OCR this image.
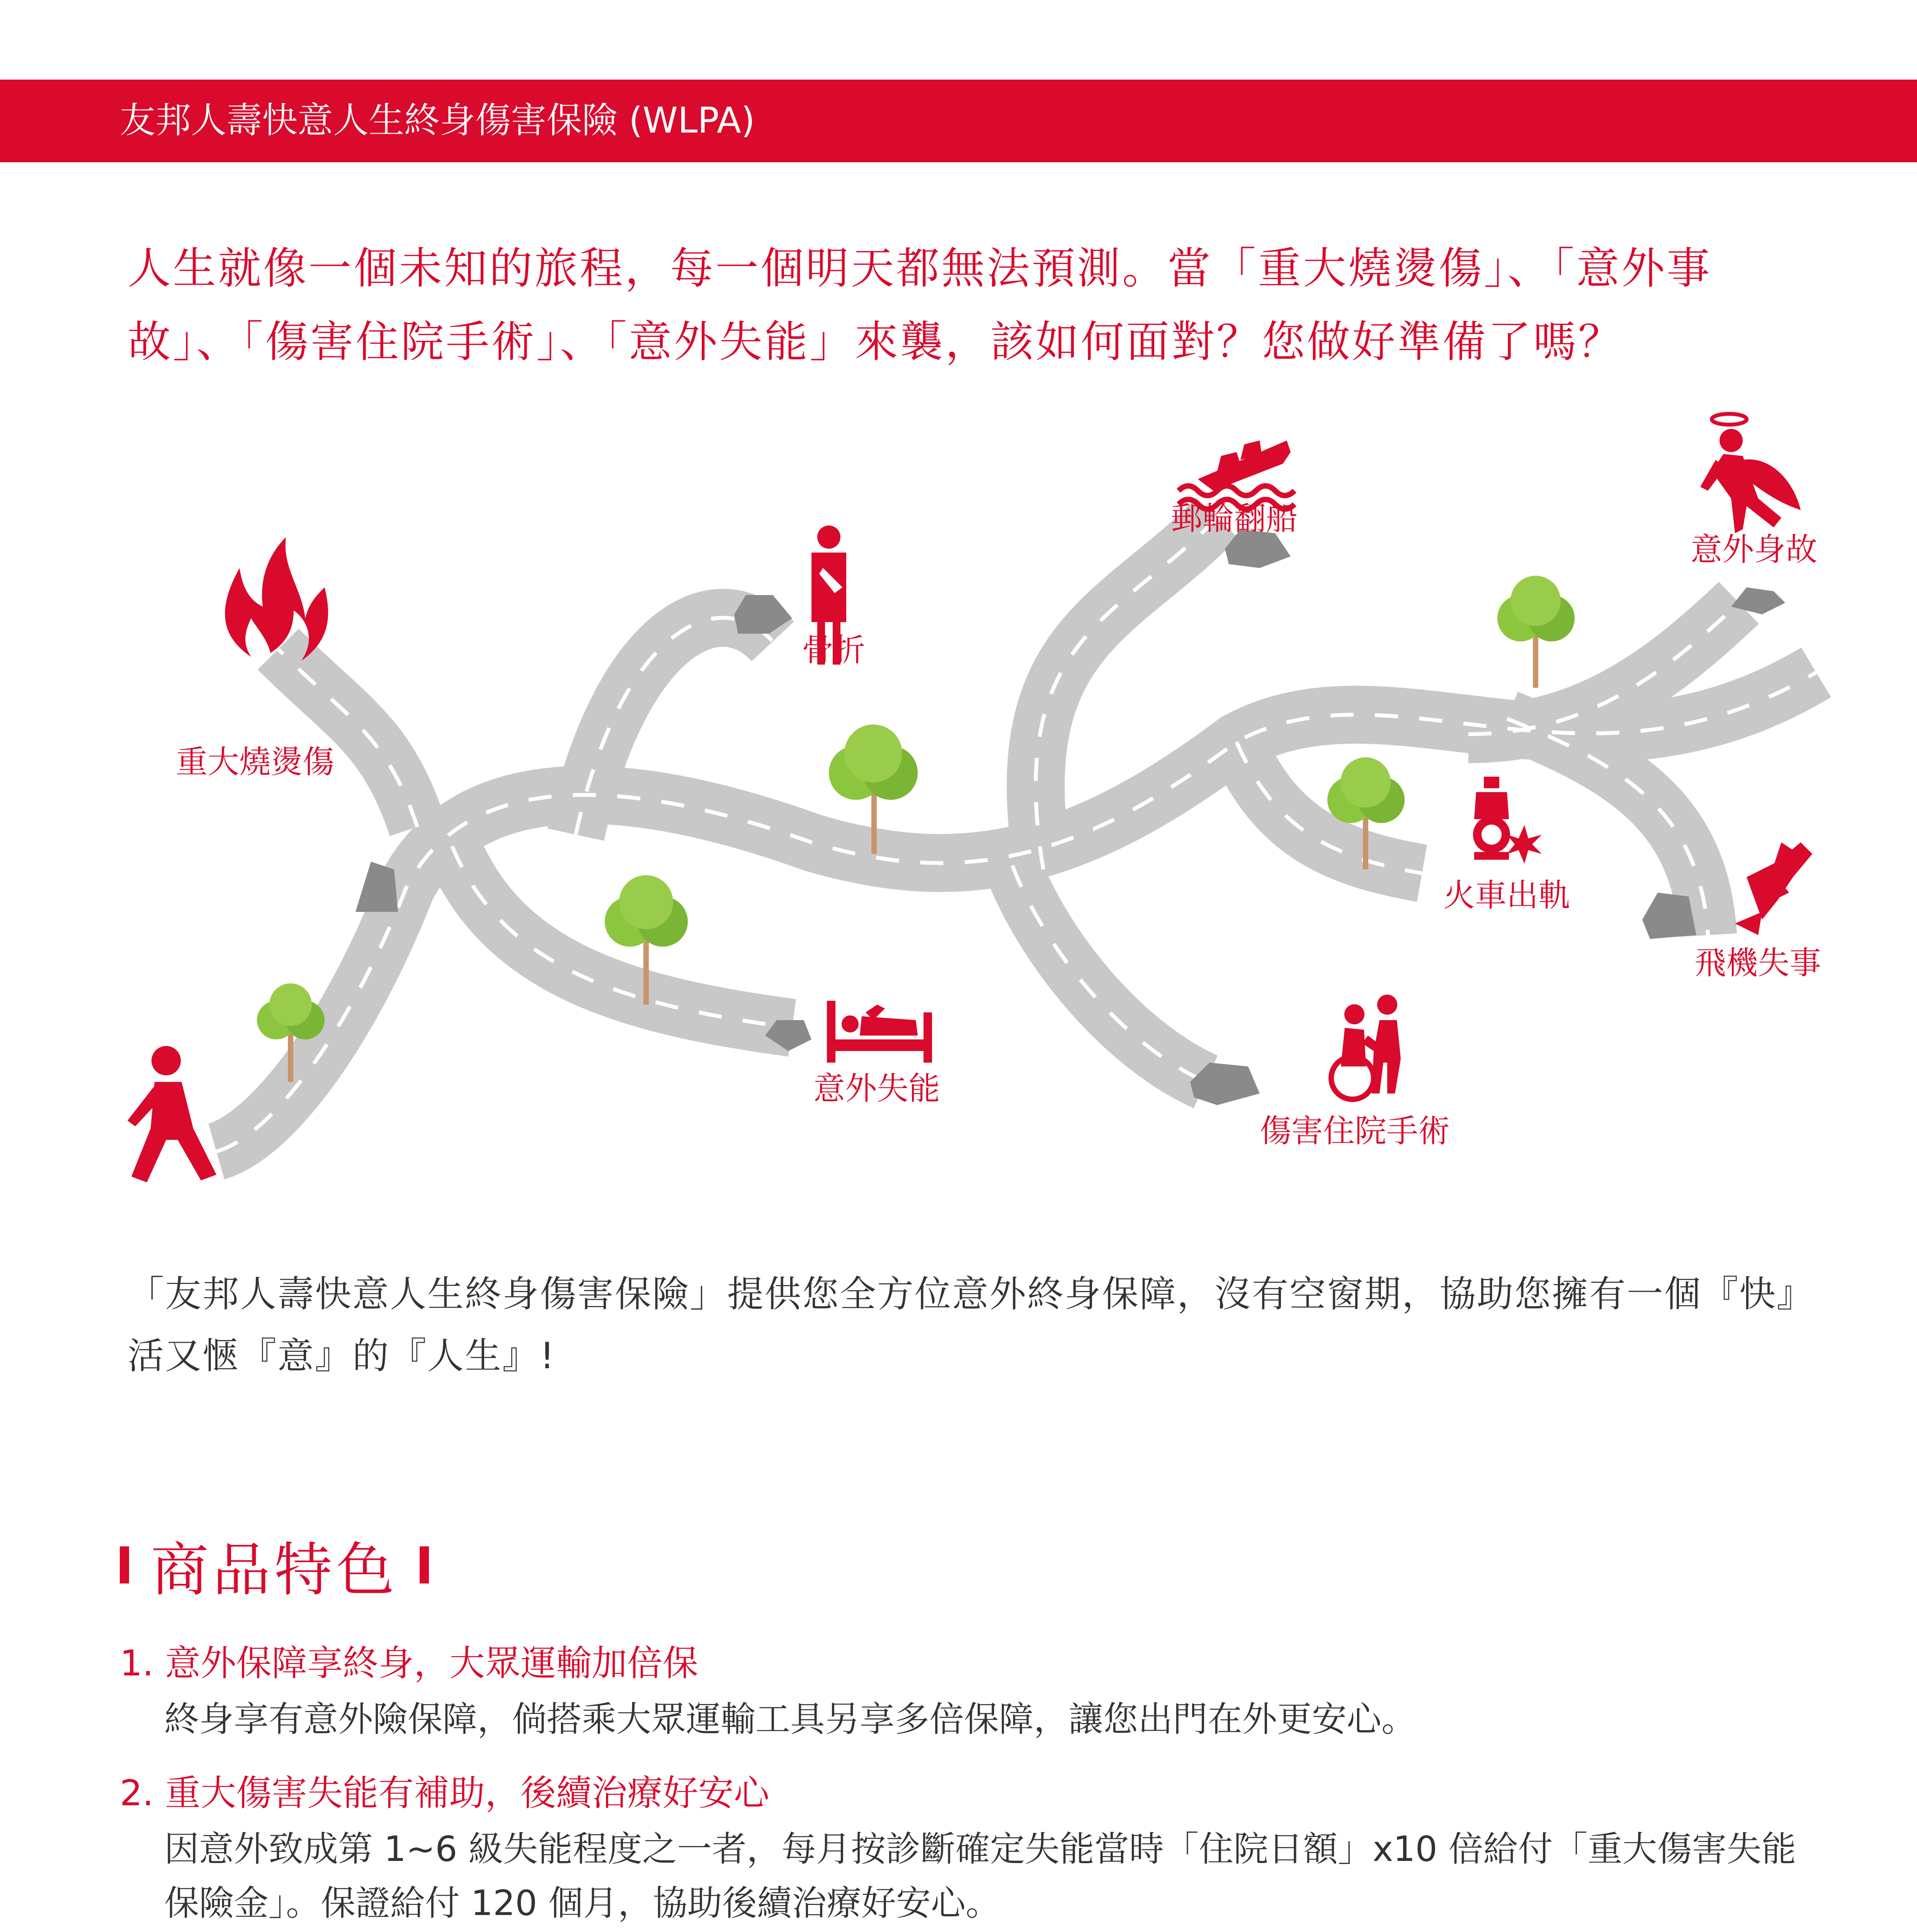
友邦人壽快意人生終身傷害保險 (WLPA)
人生就像一個未知的旅程，每一個明天都無法預測。當「重大燒燙傷」、「意外事故」、「傷害住院手術」、「意外失能」來襲，該如何面對？您做好準備了嗎？
重大燒燙傷
骨折
郵輪翻船
意外身故
火車出軌
飛機失事
意外失能
傷害住院手術
「友邦人壽快意人生終身傷害保險」提供您全方位意外終身保障，沒有空窗期，協助您擁有一個『快』活又愜『意』的『人生』!
商品特色
1. 意外保障享終身，大眾運輸加倍保
終身享有意外險保障，倘搭乘大眾運輸工具另享多倍保障，讓您出門在外更安心。
2. 重大傷害失能有補助，後續治療好安心
因意外致成第 1~6 級失能程度之一者，每月按診斷確定失能當時「住院日額」x10 倍給付「重大傷害失能保險金」。保證給付 120 個月，協助後續治療好安心。
